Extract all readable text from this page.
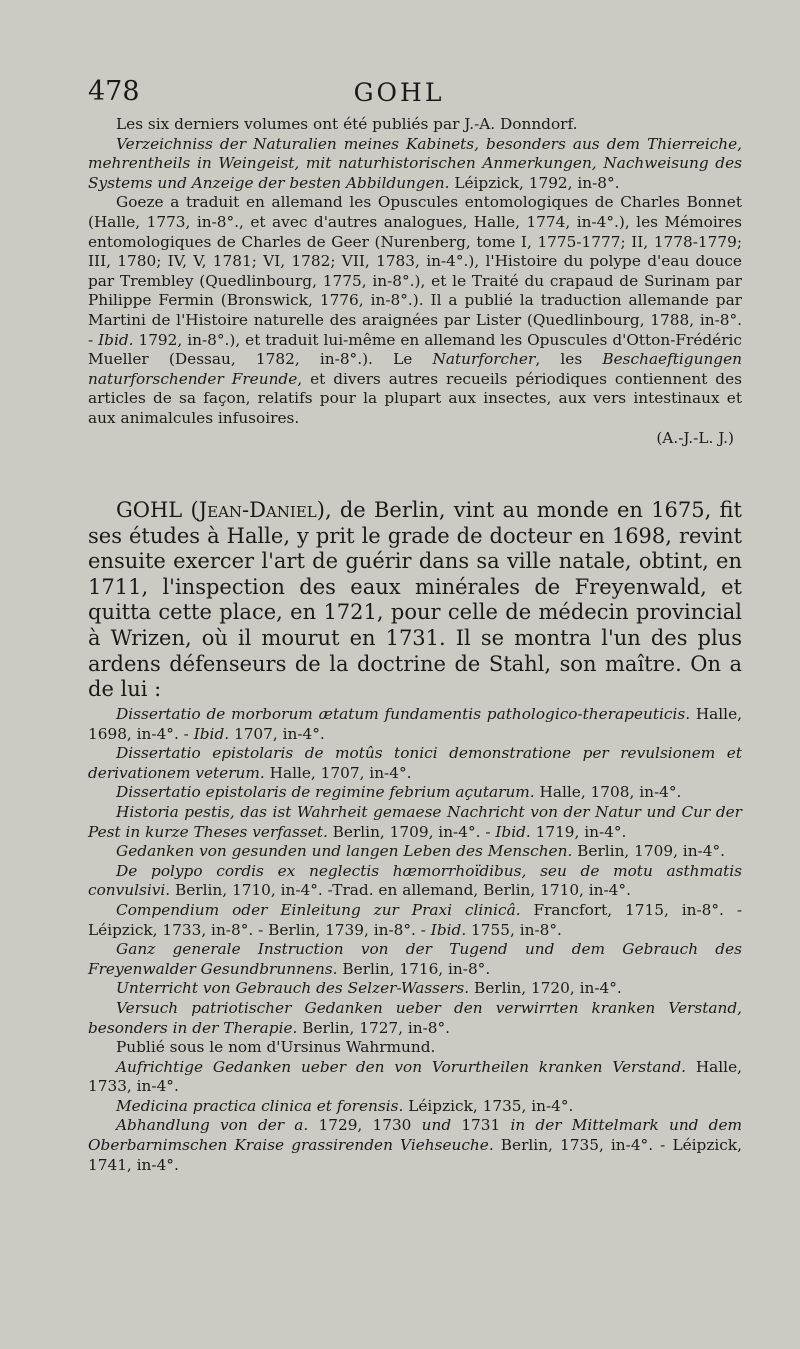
478	GOHL

Les six derniers volumes ont été publiés par J.-A. Donndorf.

Verzeichniss der Naturalien meines Kabinets, besonders aus dem Thierreiche, mehrentheils in Weingeist, mit naturhistorischen Anmerkungen, Nachweisung des Systems und Anzeige der besten Abbildungen. Léipzick, 1792, in-8°.

Goeze a traduit en allemand les Opuscules entomologiques de Charles Bonnet (Halle, 1773, in-8°., et avec d'autres analogues, Halle, 1774, in-4°.), les Mémoires entomologiques de Charles de Geer (Nurenberg, tome I, 1775-1777; II, 1778-1779; III, 1780; IV, V, 1781; VI, 1782; VII, 1783, in-4°.), l'Histoire du polype d'eau douce par Trembley (Quedlinbourg, 1775, in-8°.), et le Traité du crapaud de Surinam par Philippe Fermin (Bronswick, 1776, in-8°.). Il a publié la traduction allemande par Martini de l'Histoire naturelle des araignées par Lister (Quedlinbourg, 1788, in-8°. - Ibid. 1792, in-8°.), et traduit lui-même en allemand les Opuscules d'Otton-Frédéric Mueller (Dessau, 1782, in-8°.). Le Naturforcher, les Beschaeftigungen naturforschender Freunde, et divers autres recueils périodiques contiennent des articles de sa façon, relatifs pour la plupart aux insectes, aux vers intestinaux et aux animalcules infusoires.

(A.-J.-L. J.)

GOHL (Jean-Daniel), de Berlin, vint au monde en 1675, fit ses études à Halle, y prit le grade de docteur en 1698, revint ensuite exercer l'art de guérir dans sa ville natale, obtint, en 1711, l'inspection des eaux minérales de Freyenwald, et quitta cette place, en 1721, pour celle de médecin provincial à Wrizen, où il mourut en 1731. Il se montra l'un des plus ardens défenseurs de la doctrine de Stahl, son maître. On a de lui :

Dissertatio de morborum ætatum fundamentis pathologico-therapeuticis. Halle, 1698, in-4°. - Ibid. 1707, in-4°.

Dissertatio epistolaris de motûs tonici demonstratione per revulsionem et derivationem veterum. Halle, 1707, in-4°.

Dissertatio epistolaris de regimine febrium açutarum. Halle, 1708, in-4°.

Historia pestis, das ist Wahrheit gemaese Nachricht von der Natur und Cur der Pest in kurze Theses verfasset. Berlin, 1709, in-4°. - Ibid. 1719, in-4°.

Gedanken von gesunden und langen Leben des Menschen. Berlin, 1709, in-4°.

De polypo cordis ex neglectis hæmorrhoïdibus, seu de motu asthmatis convulsivi. Berlin, 1710, in-4°. -Trad. en allemand, Berlin, 1710, in-4°.

Compendium oder Einleitung zur Praxi clinicâ. Francfort, 1715, in-8°. - Léipzick, 1733, in-8°. - Berlin, 1739, in-8°. - Ibid. 1755, in-8°.

Ganz generale Instruction von der Tugend und dem Gebrauch des Freyenwalder Gesundbrunnens. Berlin, 1716, in-8°.

Unterricht von Gebrauch des Selzer-Wassers. Berlin, 1720, in-4°.

Versuch patriotischer Gedanken ueber den verwirrten kranken Verstand, besonders in der Therapie. Berlin, 1727, in-8°.

Publié sous le nom d'Ursinus Wahrmund.

Aufrichtige Gedanken ueber den von Vorurtheilen kranken Verstand. Halle, 1733, in-4°.

Medicina practica clinica et forensis. Léipzick, 1735, in-4°.

Abhandlung von der a. 1729, 1730 und 1731 in der Mittelmark und dem Oberbarnimschen Kraise grassirenden Viehseuche. Berlin, 1735, in-4°. - Léipzick, 1741, in-4°.
